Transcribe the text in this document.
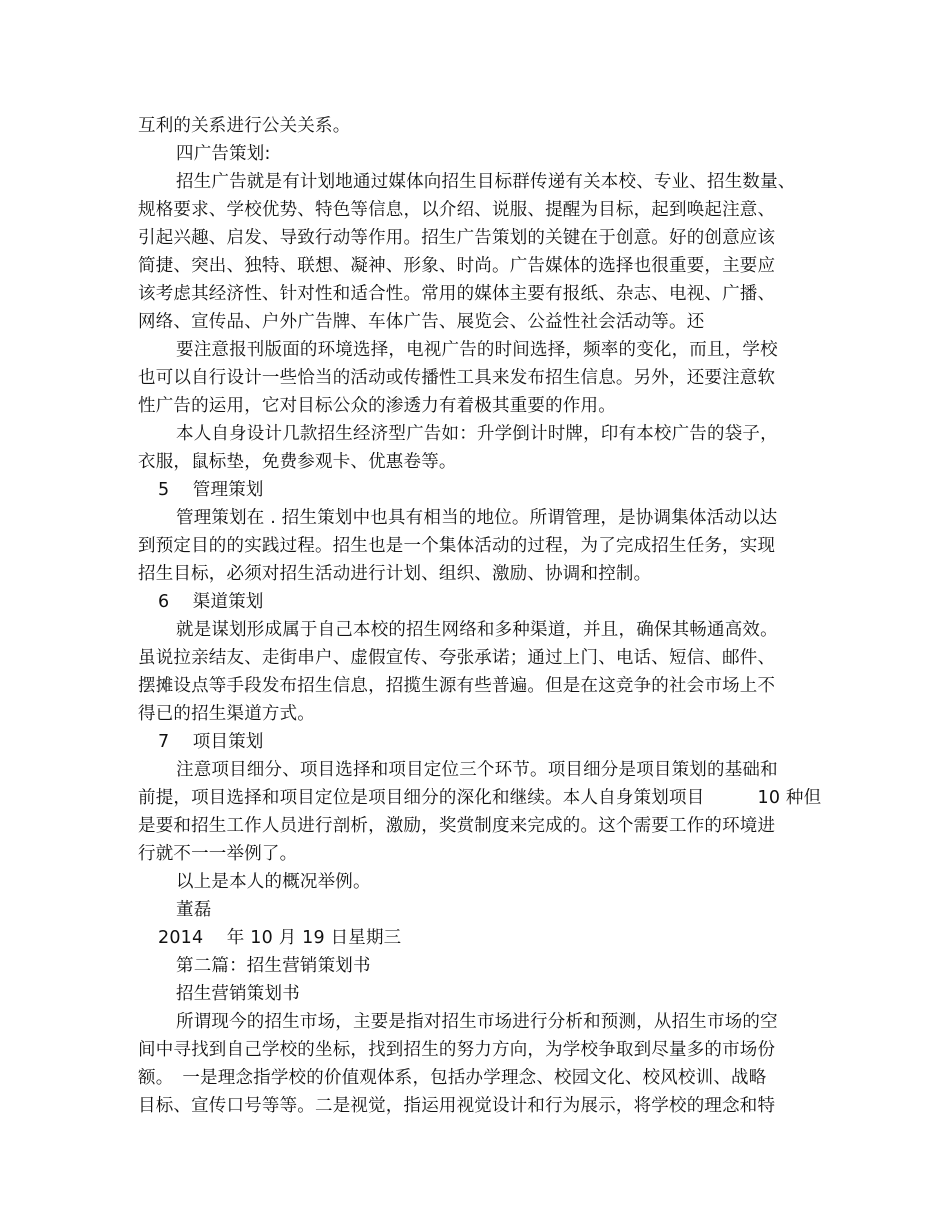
互利的关系进行公关关系。
四广告策划:
招生广告就是有计划地通过媒体向招生目标群传递有关本校、专业、招生数量、
规格要求、学校优势、特色等信息，以介绍、说服、提醒为目标，起到唤起注意、
引起兴趣、启发、导致行动等作用。招生广告策划的关键在于创意。好的创意应该
简捷、突出、独特、联想、凝神、形象、时尚。广告媒体的选择也很重要，主要应
该考虑其经济性、针对性和适合性。常用的媒体主要有报纸、杂志、电视、广播、
网络、宣传品、户外广告牌、车体广告、展览会、公益性社会活动等。还
要注意报刊版面的环境选择，电视广告的时间选择，频率的变化，而且，学校
也可以自行设计一些恰当的活动或传播性工具来发布招生信息。另外，还要注意软
性广告的运用，它对目标公众的渗透力有着极其重要的作用。
本人自身设计几款招生经济型广告如：升学倒计时牌，印有本校广告的袋子，
衣服，鼠标垫，免费参观卡、优惠卷等。
5　 管理策划
管理策划在 . 招生策划中也具有相当的地位。所谓管理，是协调集体活动以达
到预定目的的实践过程。招生也是一个集体活动的过程，为了完成招生任务，实现
招生目标，必须对招生活动进行计划、组织、激励、协调和控制。
6　 渠道策划
就是谋划形成属于自己本校的招生网络和多种渠道，并且，确保其畅通高效。
虽说拉亲结友、走街串户、虚假宣传、夸张承诺；通过上门、电话、短信、邮件、
摆摊设点等手段发布招生信息，招揽生源有些普遍。但是在这竞争的社会市场上不
得已的招生渠道方式。
7　 项目策划
注意项目细分、项目选择和项目定位三个环节。项目细分是项目策划的基础和
前提，项目选择和项目定位是项目细分的深化和继续。本人自身策划项目　　　10 种但
是要和招生工作人员进行剖析，激励，奖赏制度来完成的。这个需要工作的环境进
行就不一一举例了。
以上是本人的概况举例。
董磊
2014　 年 10 月 19 日星期三
第二篇：招生营销策划书
招生营销策划书
所谓现今的招生市场，主要是指对招生市场进行分析和预测，从招生市场的空
间中寻找到自己学校的坐标，找到招生的努力方向，为学校争取到尽量多的市场份
额。　一是理念指学校的价值观体系，包括办学理念、校园文化、校风校训、战略
目标、宣传口号等等。二是视觉，指运用视觉设计和行为展示，将学校的理念和特
